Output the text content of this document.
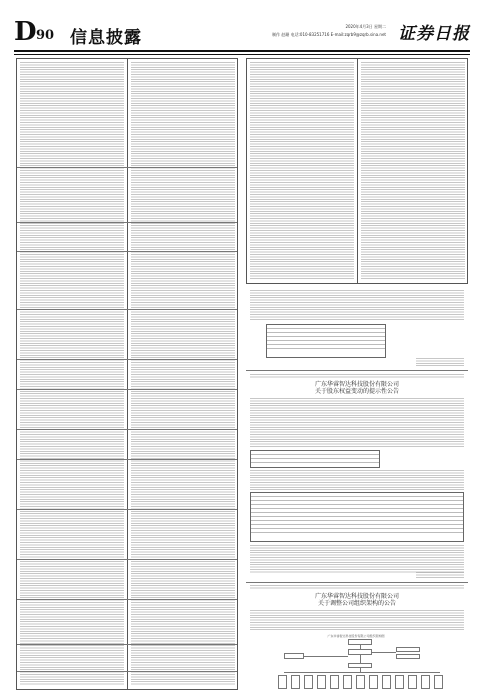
D 90 信息披露
2020年4月3日 星期二
制作 赵珊 电话:010-83251716 E-mail:zqrb9@zqrb.sina.net 证券日报
广东华睿智达科技股份有限公司
关于股东权益变动的提示性公告
广东华睿智达科技股份有限公司
关于调整公司组织架构的公告
广东华睿智达科技股份有限公司组织架构图
